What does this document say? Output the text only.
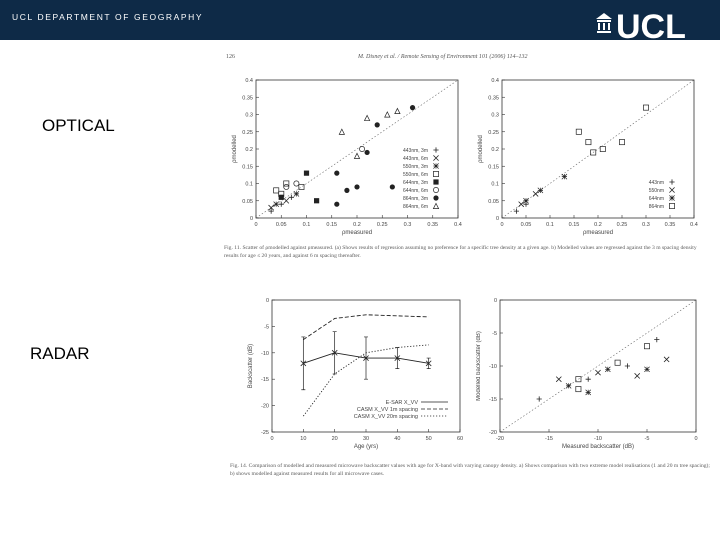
UCL DEPARTMENT OF GEOGRAPHY	UCL
OPTICAL
RADAR
126	M. Disney et al. / Remote Sensing of Environment 101 (2006) 114–132
0	0.05	0.1	0.15	0.2	0.25	0.3	0.35	0.4
0
0.05
0.1
0.15
0.2
0.25
0.3
0.35
0.4
ρmeasured
ρmodelled	443nm, 3m
443nm, 6m
550nm, 3m
550nm, 6m
644nm, 3m
644nm, 6m
864nm, 3m
864nm, 6m
0	0.05	0.1	0.15	0.2	0.25	0.3	0.35	0.4
0
0.05
0.1
0.15
0.2
0.25
0.3
0.35
0.4
ρmeasured
ρmodelled
443nm
550nm
644nm
864nm
Fig. 11. Scatter of ρmodelled against ρmeasured. (a) Shows results of regression assuming no preference for a specific tree density at a given age. b) Modelled values are regressed against the 3 m spacing density results for age ≤ 20 years, and against 6 m spacing thereafter.
0	10	20	30	40	50	60
0
-5
-10
-15
-20
-25
Age (yrs)
Backscatter (dB)
E-SAR X_VV
CASM X_VV 1m spacing
CASM X_VV 20m spacing
-20	-15	-10	-5	0
0
-5
-10
-15
-20
Measured backscatter (dB)
Modelled backscatter (dB)
Fig. 14. Comparison of modelled and measured microwave backscatter values with age for X-band with varying canopy density. a) Shows comparison with two extreme model realisations (1 and 20 m tree spacing); b) shows modelled against measured results for all microwave cases.
